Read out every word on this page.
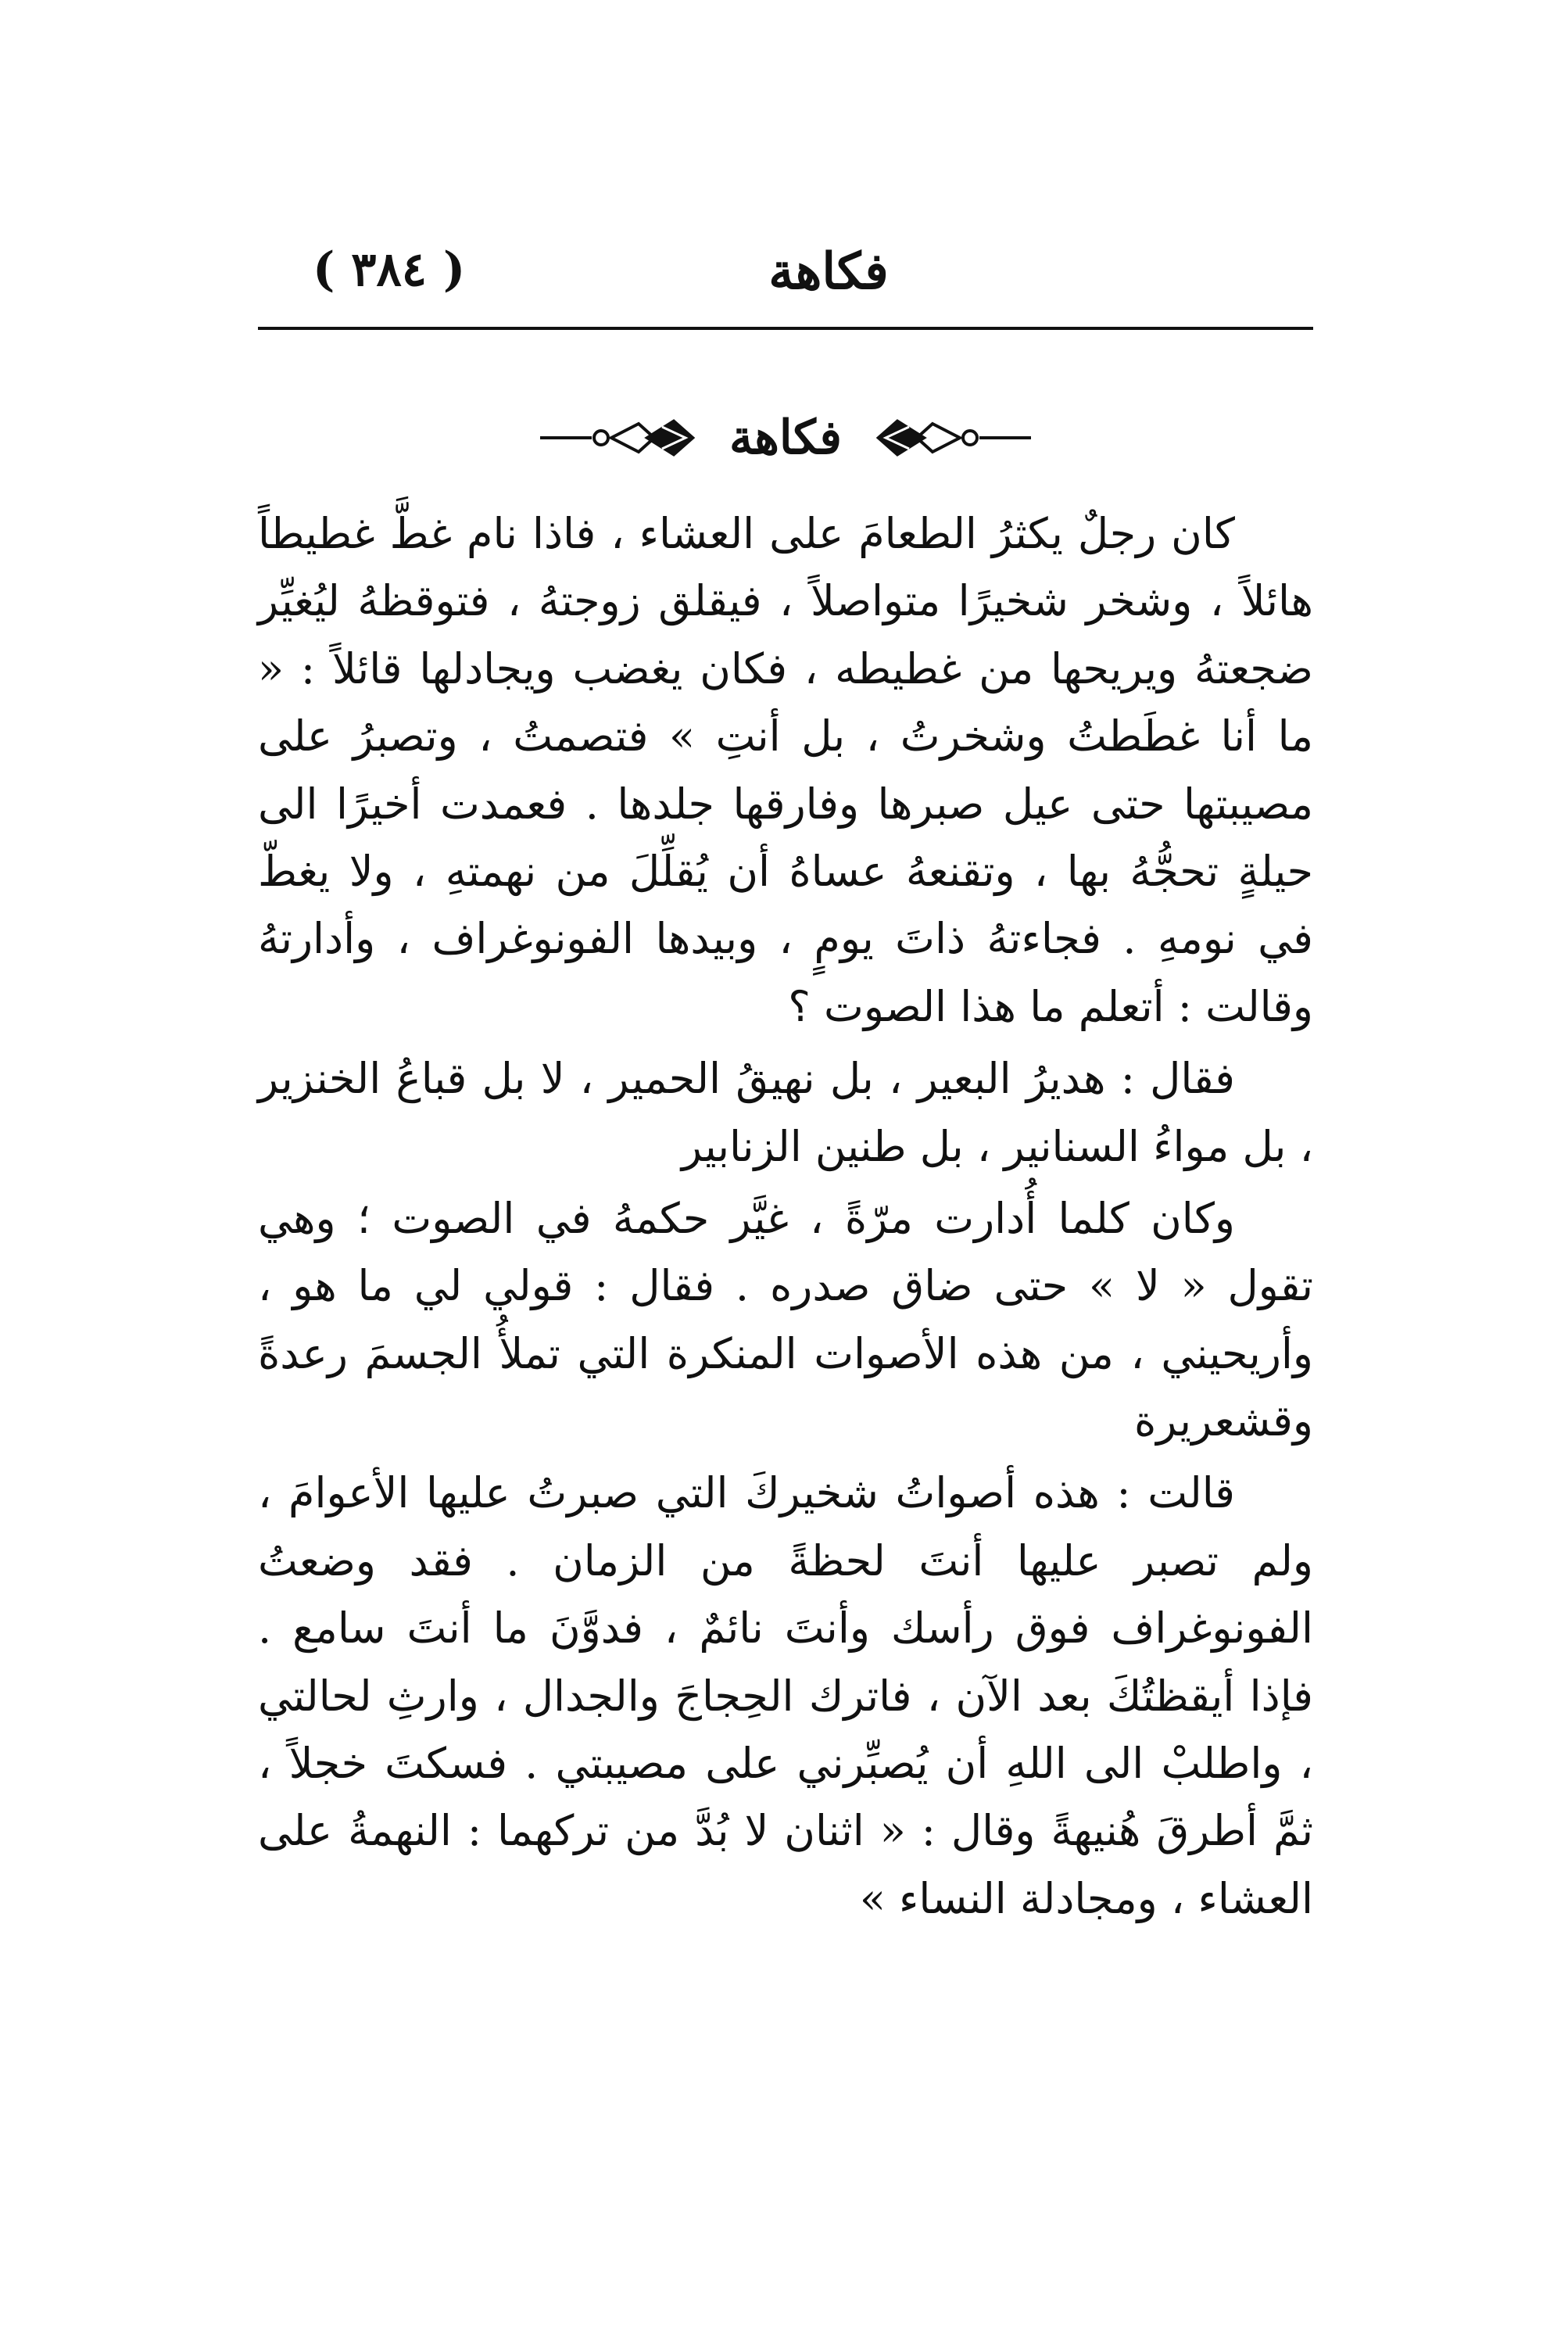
( ٣٨٤ )	فكاهة
فكاهة

كان رجلٌ يكثرُ الطعامَ على العشاء ، فاذا نام غطَّ غطيطاً هائلاً ، وشخر شخيرًا متواصلاً ، فيقلق زوجتهُ ، فتوقظهُ ليُغيِّر ضجعتهُ ويريحها من غطيطه ، فكان يغضب ويجادلها قائلاً : « ما أنا غطَطتُ وشخرتُ ، بل أنتِ » فتصمتُ ، وتصبرُ على مصيبتها حتى عيل صبرها وفارقها جلدها . فعمدت أخيرًا الى حيلةٍ تحجُّهُ بها ، وتقنعهُ عساهُ أن يُقلِّلَ من نهمتهِ ، ولا يغطّ في نومهِ . فجاءتهُ ذاتَ يومٍ ، وبيدها الفونوغراف ، وأدارتهُ وقالت : أتعلم ما هذا الصوت ؟

فقال : هديرُ البعير ، بل نهيقُ الحمير ، لا بل قباعُ الخنزير ، بل مواءُ السنانير ، بل طنين الزنابير

وكان كلما أُدارت مرّةً ، غيَّر حكمهُ في الصوت ؛ وهي تقول « لا » حتى ضاق صدره . فقال : قولي لي ما هو ، وأريحيني ، من هذه الأصوات المنكرة التي تملأُ الجسمَ رعدةً وقشعريرة

قالت : هذه أصواتُ شخيركَ التي صبرتُ عليها الأعوامَ ، ولم تصبر عليها أنتَ لحظةً من الزمان . فقد وضعتُ الفونوغراف فوق رأسك وأنتَ نائمٌ ، فدوَّنَ ما أنتَ سامع . فإذا أيقظتُكَ بعد الآن ، فاترك الحِجاجَ والجدال ، وارثِ لحالتي ، واطلبْ الى اللهِ أن يُصبِّرني على مصيبتي . فسكتَ خجلاً ، ثمَّ أطرقَ هُنيهةً وقال : « اثنان لا بُدَّ من تركهما : النهمةُ على العشاء ، ومجادلة النساء »
